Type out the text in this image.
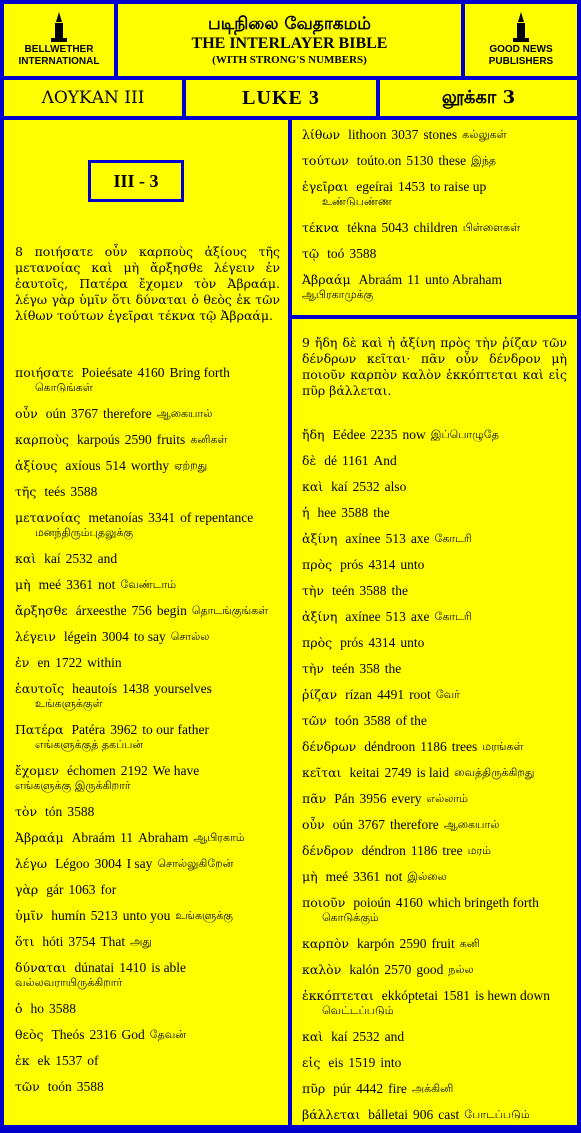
BELLWETHER
INTERNATIONAL
படிநிலை வேதாகமம்
THE INTERLAYER BIBLE
(WITH STRONG'S NUMBERS)
GOOD NEWS
PUBLISHERS
ΛΟΥΚΑΝ III	LUKE 3	லூக்கா 3
III - 3
8 ποιήσατε οὖν καρποὺς ἀξίους τῆς μετανοίας καὶ μὴ ἄρξησθε λέγειν ἐν ἑαυτοῖς, Πατέρα ἔχομεν τὸν Ἀβραάμ. λέγω γὰρ ὑμῖν ὅτι δύναται ὁ θεὸς ἐκ τῶν λίθων τούτων ἐγεῖραι τέκνα τῷ Ἀβραάμ.
ποιήσατε Poieésate 4160 Bring forth
கொடுங்கள்
οὖν oún 3767 therefore ஆகையால்
καρποὺς karpoús 2590 fruits கனிகள்
ἀξίους axíous 514 worthy ஏற்றது
τῆς teés 3588
μετανοίας metanoías 3341 of repentance
மனந்திரும்புதலுக்கு
καὶ kaí 2532 and
μὴ meé 3361 not வேண்டாம்
ἄρξησθε árxeesthe 756 begin தொடங்குங்கள்
λέγειν légein 3004 to say சொல்ல
ἐν en 1722 within
ἑαυτοῖς heautoís 1438 yourselves
உங்களுக்குள்
Πατέρα Patéra 3962 to our father
எங்களுக்குத் தகப்பன்
ἔχομεν échomen 2192 We have
எங்களுக்கு இருக்கிறார்
τὸν tón 3588
Ἀβραάμ Abraám 11 Abraham ஆபிரகாம்
λέγω Légoo 3004 I say சொல்லுகிறேன்
γὰρ gár 1063 for
ὑμῖν humín 5213 unto you உங்களுக்கு
ὅτι hóti 3754 That அது
δύναται dúnatai 1410 is able
வல்லவராயிருக்கிறார்
ὁ ho 3588
θεὸς Theós 2316 God தேவன்
ἐκ ek 1537 of
τῶν toón 3588
λίθων lithoon 3037 stones கல்லுகள்
τούτων toúto.on 5130 these இந்த
ἐγεῖραι egeírai 1453 to raise up
உண்டுபண்ண
τέκνα tékna 5043 children பிள்ளைகள்
τῷ toó 3588
Ἀβραάμ Abraám 11 unto Abraham
ஆபிரகாமுக்கு
9 ἤδη δὲ καὶ ἡ ἀξίνη πρὸς τὴν ῥίζαν τῶν δένδρων κεῖται· πᾶν οὖν δένδρον μὴ ποιοῦν καρπὸν καλὸν ἐκκόπτεται καὶ εἰς πῦρ βάλλεται.
ἤδη Eédee 2235 now இப்பொழுதே
δὲ dé 1161 And
καὶ kaí 2532 also
ἡ hee 3588 the
ἀξίνη axínee 513 axe கோடரி
πρὸς prós 4314 unto
τὴν teén 3588 the
ἀξίνη axínee 513 axe கோடரி
πρὸς prós 4314 unto
τὴν teén 358 the
ῥίζαν rízan 4491 root வேர்
τῶν toón 3588 of the
δένδρων déndroon 1186 trees மரங்கள்
κεῖται keitai 2749 is laid வைத்திருக்கிறது
πᾶν Pán 3956 every எல்லாம்
οὖν oún 3767 therefore ஆகையால்
δένδρον déndron 1186 tree மரம்
μὴ meé 3361 not இல்லை
ποιοῦν poioún 4160 which bringeth forth
கொடுக்கும்
καρπὸν karpón 2590 fruit கனி
καλὸν kalón 2570 good நல்ல
ἐκκόπτεται ekkóptetai 1581 is hewn down
வெட்டப்படும்
καὶ kaí 2532 and
εἰς eis 1519 into
πῦρ púr 4442 fire அக்கினி
βάλλεται bálletai 906 cast போடப்படும்
